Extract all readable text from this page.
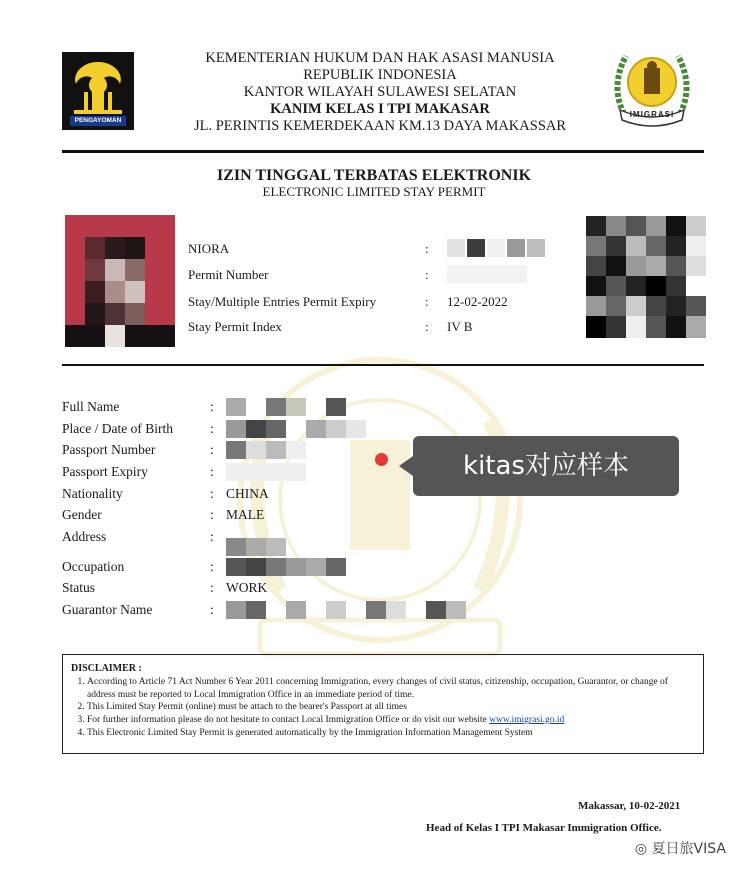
PENGAYOMAN
IMIGRASI
KEMENTERIAN HUKUM DAN HAK ASASI MANUSIA
REPUBLIK INDONESIA
KANTOR WILAYAH SULAWESI SELATAN
KANIM KELAS I TPI MAKASAR
JL. PERINTIS KEMERDEKAAN KM.13 DAYA MAKASSAR
IZIN TINGGAL TERBATAS ELEKTRONIK
ELECTRONIC LIMITED STAY PERMIT
NIORA
Permit Number
Stay/Multiple Entries Permit Expiry
Stay Permit Index
:
:
:
:
12-02-2022
IV B
Full Name
Place / Date of Birth
Passport Number
Passport Expiry
Nationality
Gender
Address
Occupation
Status
Guarantor Name
:
:
:
:
:
:
:
:
:
:
CHINA
MALE
WORK
kitas对应样本
DISCLAIMER :
1. According to Article 71 Act Number 6 Year 2011 concerning Immigration, every changes of civil status, citizenship, occupation, Guarantor, or change of address must be reported to Local Immigration Office in an immediate period of time.
2. This Limited Stay Permit (online) must be attach to the bearer's Passport at all times
3. For further information please do not hesitate to contact Local Immigration Office or do visit our website www.imigrasi.go.id
4. This Electronic Limited Stay Permit is generated automatically by the Immigration Information Management System
Makassar, 10-02-2021
Head of Kelas I TPI Makasar Immigration Office.
◎ 夏日旅VISA
